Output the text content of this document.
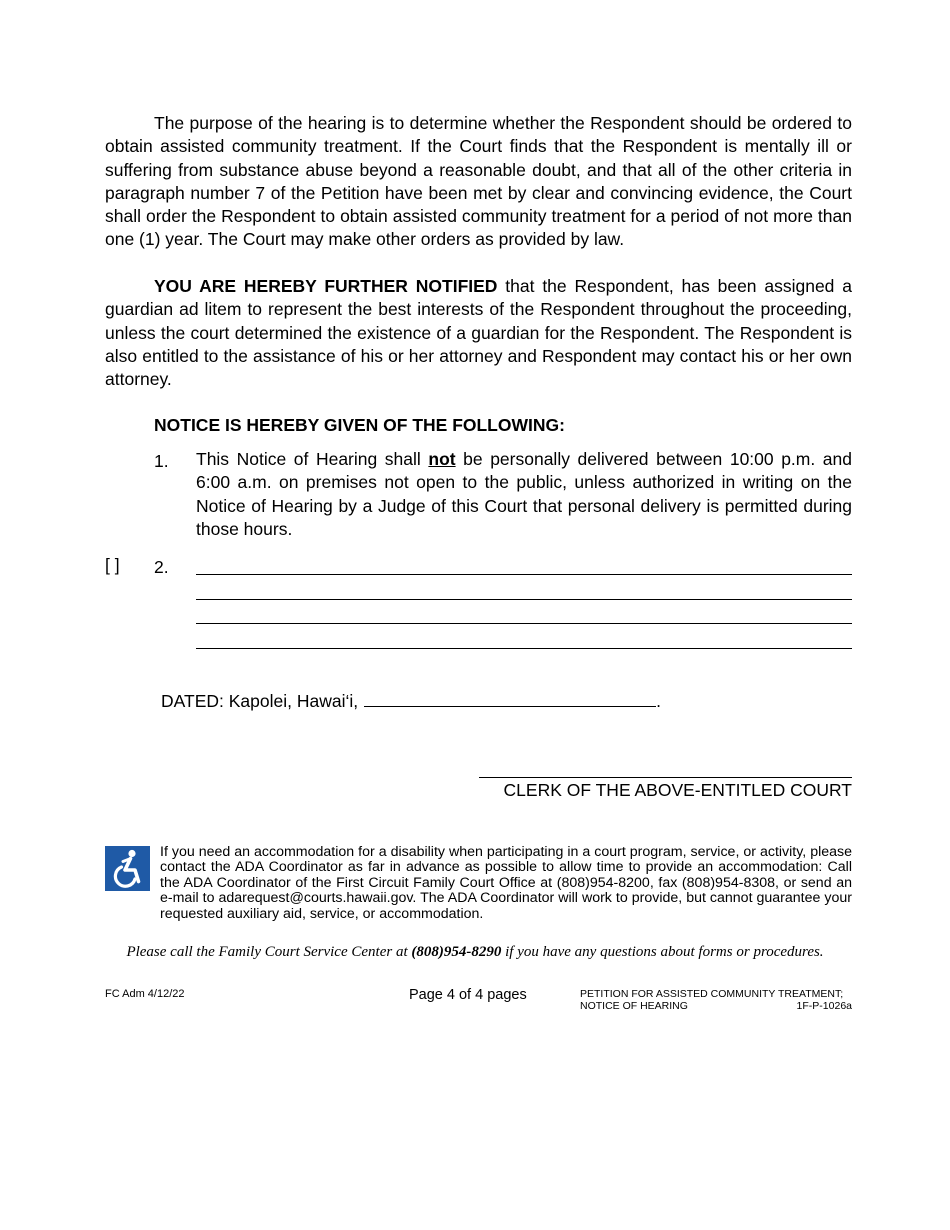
The purpose of the hearing is to determine whether the Respondent should be ordered to obtain assisted community treatment. If the Court finds that the Respondent is mentally ill or suffering from substance abuse beyond a reasonable doubt, and that all of the other criteria in paragraph number 7 of the Petition have been met by clear and convincing evidence, the Court shall order the Respondent to obtain assisted community treatment for a period of not more than one (1) year. The Court may make other orders as provided by law.
YOU ARE HEREBY FURTHER NOTIFIED that the Respondent, has been assigned a guardian ad litem to represent the best interests of the Respondent throughout the proceeding, unless the court determined the existence of a guardian for the Respondent. The Respondent is also entitled to the assistance of his or her attorney and Respondent may contact his or her own attorney.
NOTICE IS HEREBY GIVEN OF THE FOLLOWING:
1. This Notice of Hearing shall not be personally delivered between 10:00 p.m. and 6:00 a.m. on premises not open to the public, unless authorized in writing on the Notice of Hearing by a Judge of this Court that personal delivery is permitted during those hours.
[ ] 2.
DATED: Kapolei, Hawai‘i,	.
CLERK OF THE ABOVE-ENTITLED COURT
If you need an accommodation for a disability when participating in a court program, service, or activity, please contact the ADA Coordinator as far in advance as possible to allow time to provide an accommodation: Call the ADA Coordinator of the First Circuit Family Court Office at (808)954-8200, fax (808)954-8308, or send an e-mail to adarequest@courts.hawaii.gov. The ADA Coordinator will work to provide, but cannot guarantee your requested auxiliary aid, service, or accommodation.
Please call the Family Court Service Center at (808)954-8290 if you have any questions about forms or procedures.
FC Adm 4/12/22	Page 4 of 4 pages	PETITION FOR ASSISTED COMMUNITY TREATMENT;
NOTICE OF HEARING	1F-P-1026a
